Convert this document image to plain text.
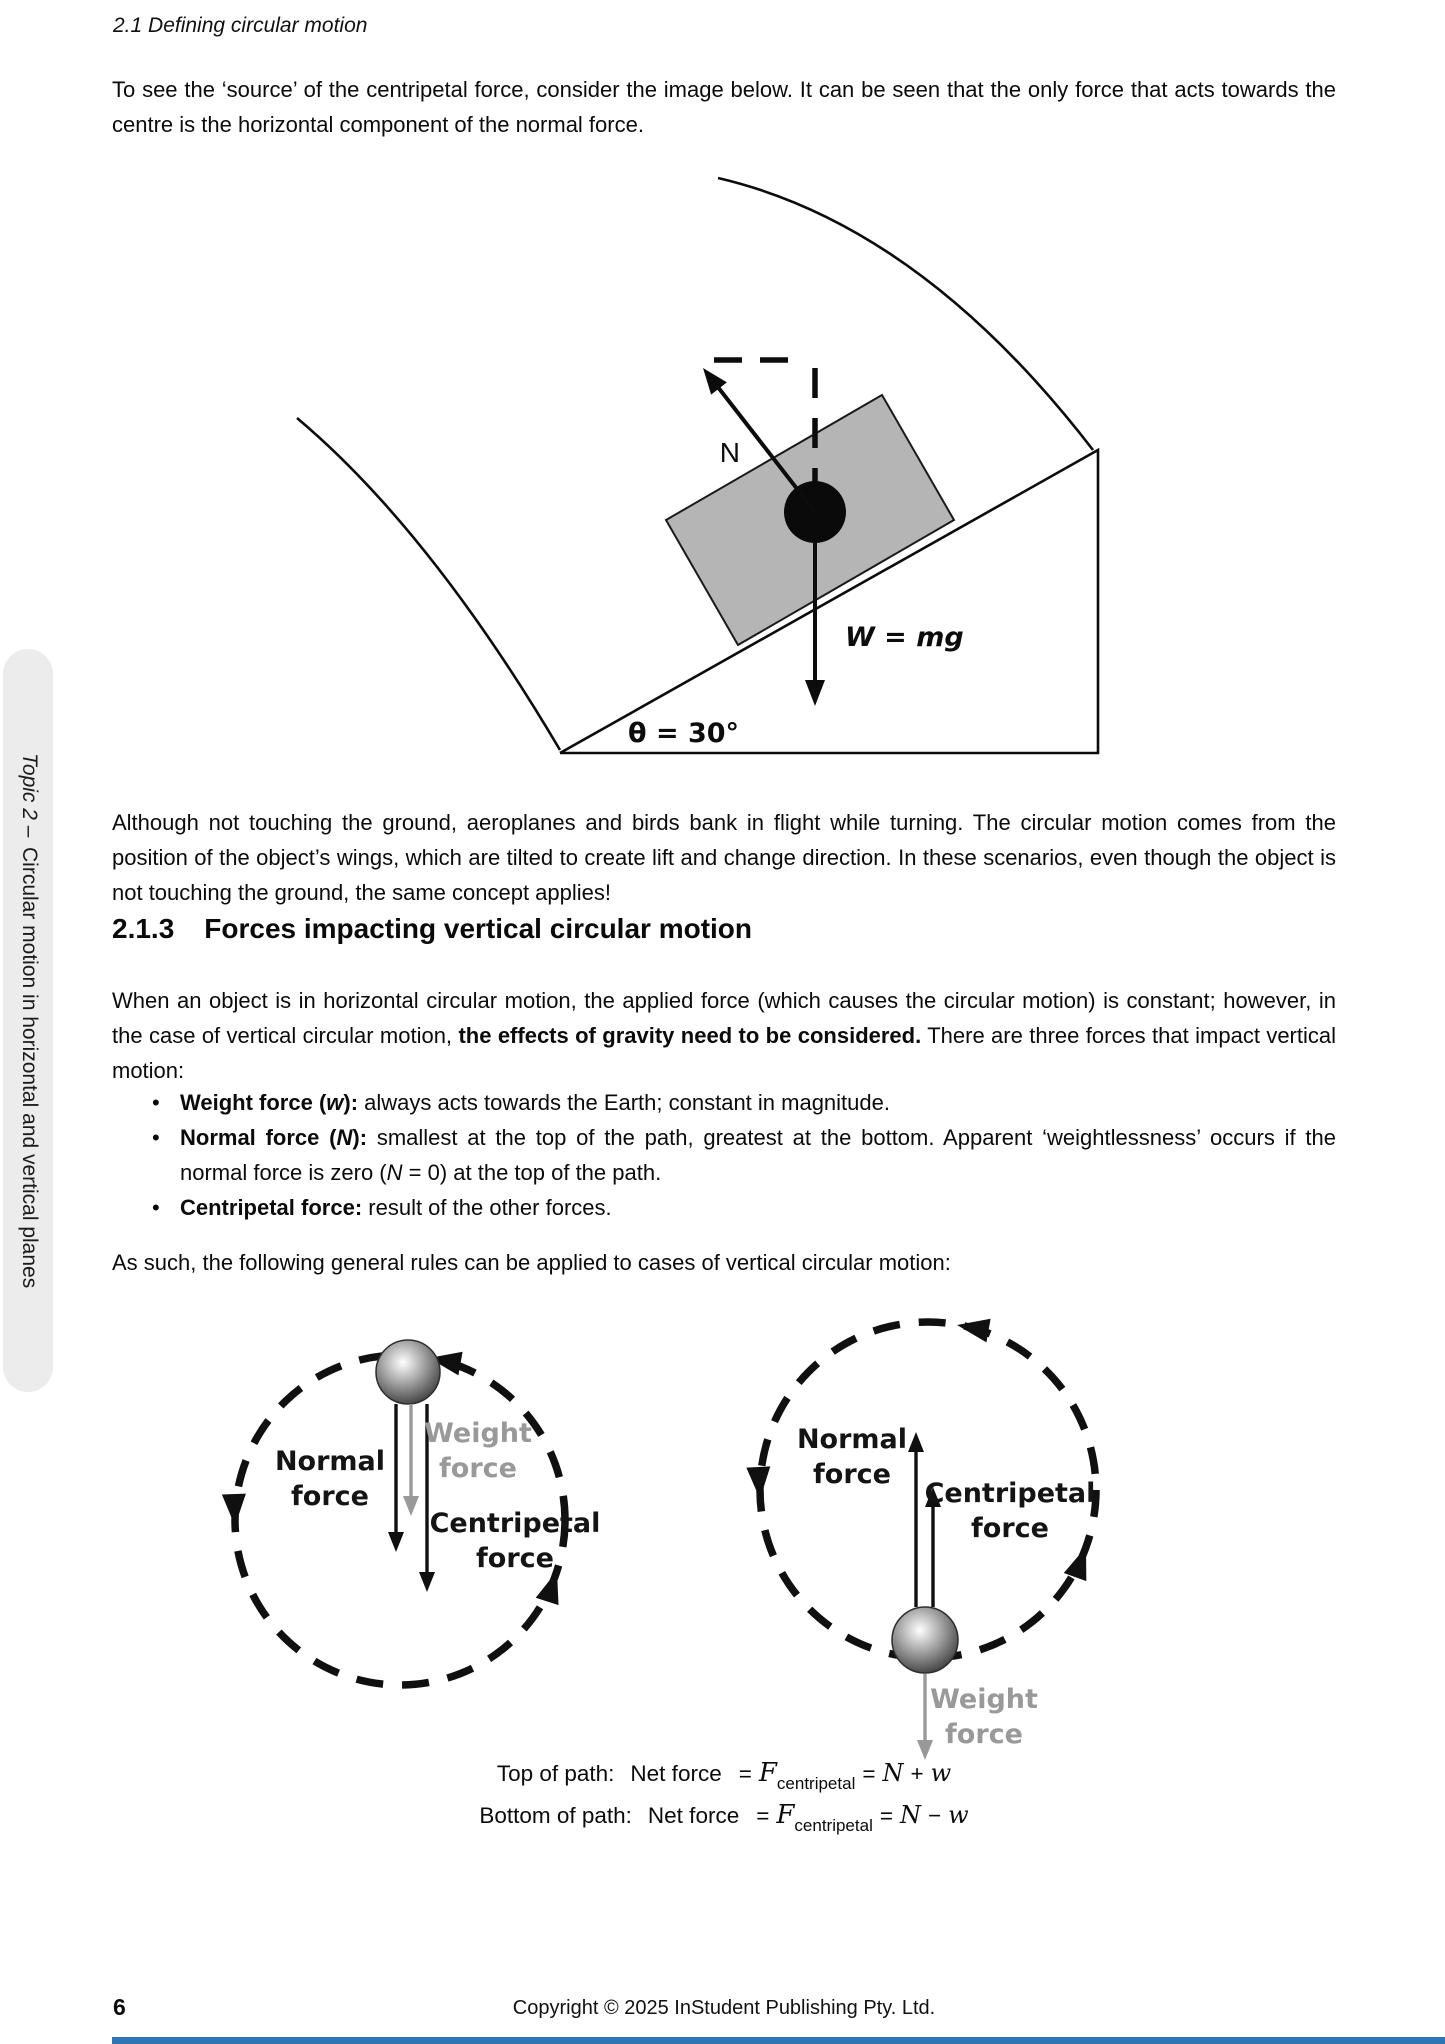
2.1 Defining circular motion

To see the ‘source’ of the centripetal force, consider the image below. It can be seen that the only force that acts towards the centre is the horizontal component of the normal force.

N
W = mg
θ = 30°

Although not touching the ground, aeroplanes and birds bank in flight while turning. The circular motion comes from the position of the object’s wings, which are tilted to create lift and change direction. In these scenarios, even though the object is not touching the ground, the same concept applies!

2.1.3 Forces impacting vertical circular motion

When an object is in horizontal circular motion, the applied force (which causes the circular motion) is constant; however, in the case of vertical circular motion, the effects of gravity need to be considered. There are three forces that impact vertical motion:

• Weight force (w): always acts towards the Earth; constant in magnitude.
• Normal force (N): smallest at the top of the path, greatest at the bottom. Apparent ‘weightlessness’ occurs if the normal force is zero (N = 0) at the top of the path.
• Centripetal force: result of the other forces.

As such, the following general rules can be applied to cases of vertical circular motion:

Normal
force
Weight
force
Centripetal
force
Normal
force
Centripetal
force
Weight
force
Top of path: Net force = $F_{centripetal} = N + w$
Bottom of path: Net force = $F_{centripetal} = N - w$
Topic 2 –Circular motion in horizontal and vertical planes
6	Copyright © 2025 InStudent Publishing Pty. Ltd.
